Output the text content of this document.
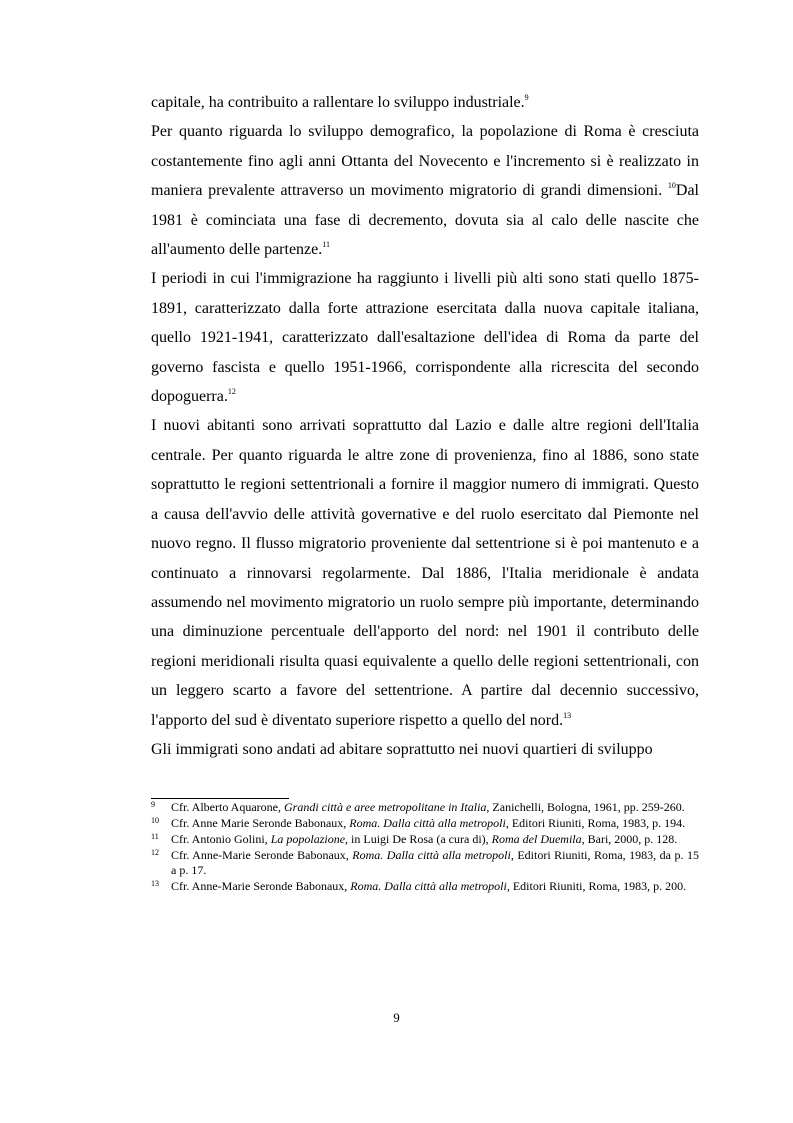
capitale, ha contribuito a rallentare lo sviluppo industriale.$^9$

Per quanto riguarda lo sviluppo demografico, la popolazione di Roma è cresciuta costantemente fino agli anni Ottanta del Novecento e l'incremento si è realizzato in maniera prevalente attraverso un movimento migratorio di grandi dimensioni. $^{10}$Dal 1981 è cominciata una fase di decremento, dovuta sia al calo delle nascite che all'aumento delle partenze.$^{11}$

I periodi in cui l'immigrazione ha raggiunto i livelli più alti sono stati quello 1875-1891, caratterizzato dalla forte attrazione esercitata dalla nuova capitale italiana, quello 1921-1941, caratterizzato dall'esaltazione dell'idea di Roma da parte del governo fascista e quello 1951-1966, corrispondente alla ricrescita del secondo dopoguerra.$^{12}$

I nuovi abitanti sono arrivati soprattutto dal Lazio e dalle altre regioni dell'Italia centrale. Per quanto riguarda le altre zone di provenienza, fino al 1886, sono state soprattutto le regioni settentrionali a fornire il maggior numero di immigrati. Questo a causa dell'avvio delle attività governative e del ruolo esercitato dal Piemonte nel nuovo regno. Il flusso migratorio proveniente dal settentrione si è poi mantenuto e a continuato a rinnovarsi regolarmente. Dal 1886, l'Italia meridionale è andata assumendo nel movimento migratorio un ruolo sempre più importante, determinando una diminuzione percentuale dell'apporto del nord: nel 1901 il contributo delle regioni meridionali risulta quasi equivalente a quello delle regioni settentrionali, con un leggero scarto a favore del settentrione. A partire dal decennio successivo, l'apporto del sud è diventato superiore rispetto a quello del nord.$^{13}$

Gli immigrati sono andati ad abitare soprattutto nei nuovi quartieri di sviluppo

9 Cfr. Alberto Aquarone, Grandi città e aree metropolitane in Italia, Zanichelli, Bologna, 1961, pp. 259-260.
10 Cfr. Anne Marie Seronde Babonaux, Roma. Dalla città alla metropoli, Editori Riuniti, Roma, 1983, p. 194.
11 Cfr. Antonio Golini, La popolazione, in Luigi De Rosa (a cura di), Roma del Duemila, Bari, 2000, p. 128.
12 Cfr. Anne-Marie Seronde Babonaux, Roma. Dalla città alla metropoli, Editori Riuniti, Roma, 1983, da p. 15 a p. 17.
13 Cfr. Anne-Marie Seronde Babonaux, Roma. Dalla città alla metropoli, Editori Riuniti, Roma, 1983, p. 200.
9
